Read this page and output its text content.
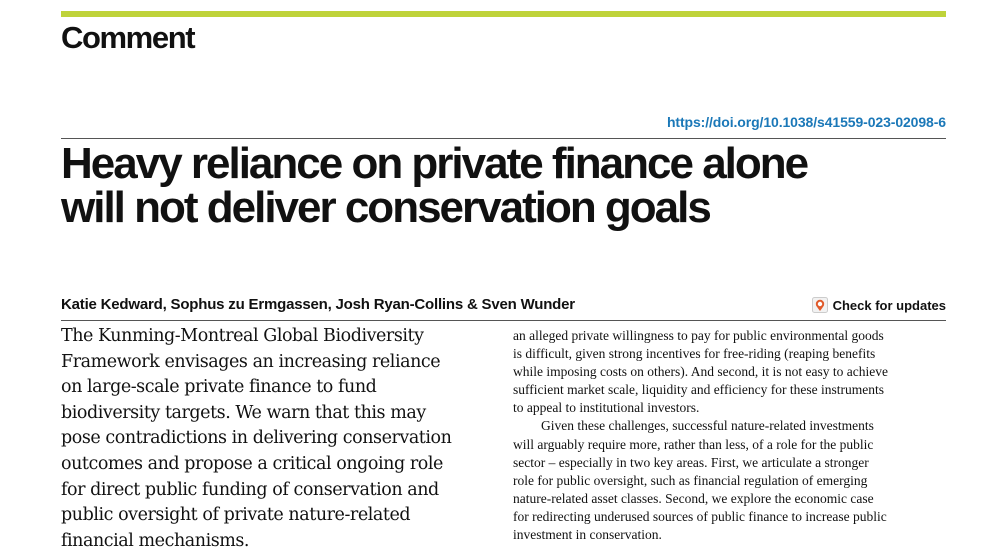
Comment
https://doi.org/10.1038/s41559-023-02098-6
Heavy reliance on private finance alone
will not deliver conservation goals
Katie Kedward, Sophus zu Ermgassen, Josh Ryan-Collins & Sven Wunder	Check for updates

The Kunming-Montreal Global Biodiversity
Framework envisages an increasing reliance
on large-scale private finance to fund
biodiversity targets. We warn that this may
pose contradictions in delivering conservation
outcomes and propose a critical ongoing role
for direct public funding of conservation and
public oversight of private nature-related
financial mechanisms.

an alleged private willingness to pay for public environmental goods
is difficult, given strong incentives for free-riding (reaping benefits
while imposing costs on others). And second, it is not easy to achieve
sufficient market scale, liquidity and efficiency for these instruments
to appeal to institutional investors.
Given these challenges, successful nature-related investments
will arguably require more, rather than less, of a role for the public
sector – especially in two key areas. First, we articulate a stronger
role for public oversight, such as financial regulation of emerging
nature-related asset classes. Second, we explore the economic case
for redirecting underused sources of public finance to increase public
investment in conservation.
